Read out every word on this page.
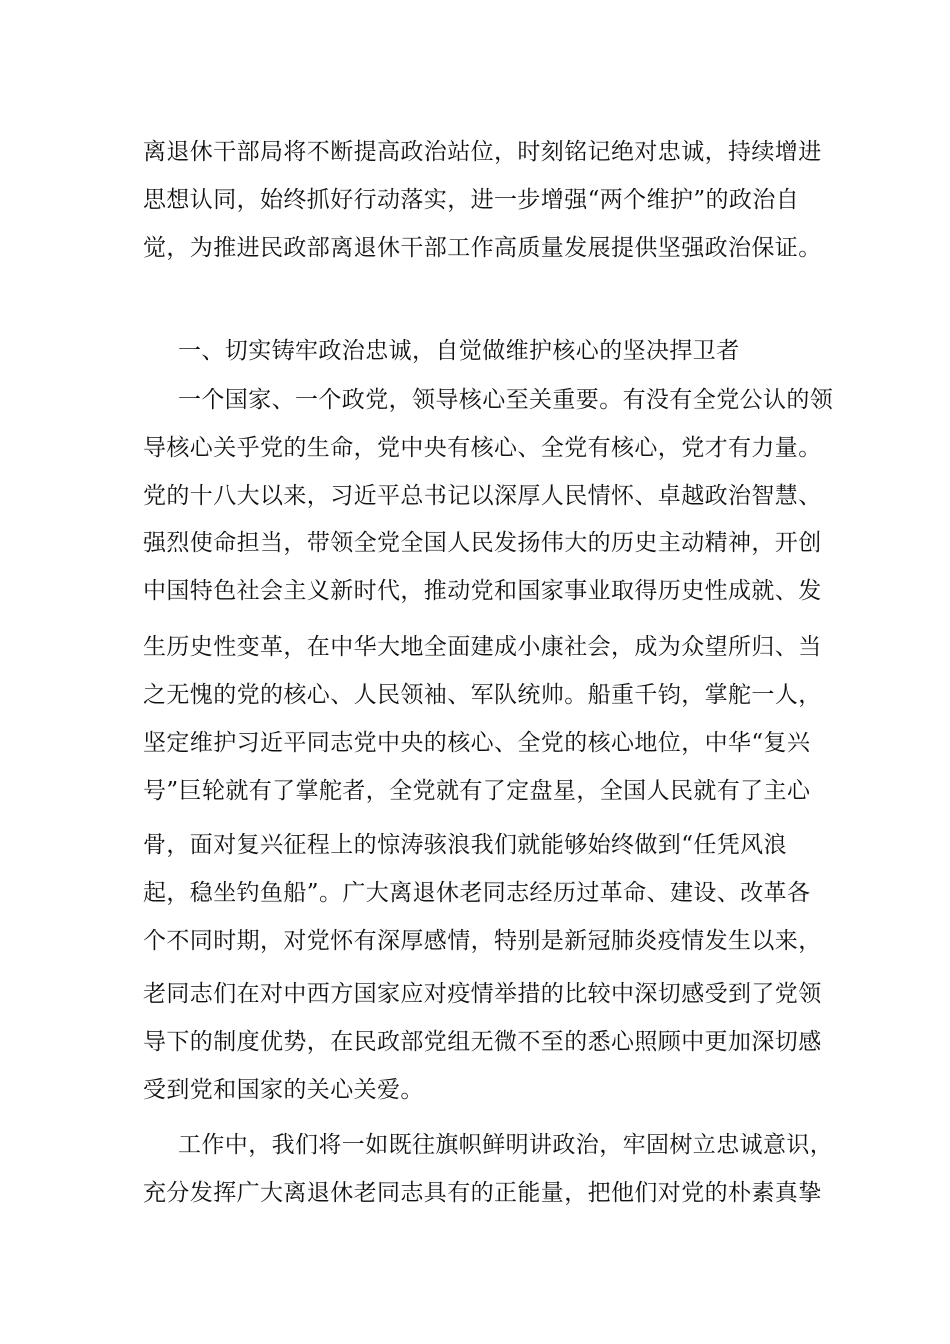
离退休干部局将不断提高政治站位，时刻铭记绝对忠诚，持续增进
思想认同，始终抓好行动落实，进一步增强“两个维护”的政治自
觉，为推进民政部离退休干部工作高质量发展提供坚强政治保证。
一、切实铸牢政治忠诚，自觉做维护核心的坚决捍卫者
一个国家、一个政党，领导核心至关重要。有没有全党公认的领
导核心关乎党的生命，党中央有核心、全党有核心，党才有力量。
党的十八大以来，习近平总书记以深厚人民情怀、卓越政治智慧、
强烈使命担当，带领全党全国人民发扬伟大的历史主动精神，开创
中国特色社会主义新时代，推动党和国家事业取得历史性成就、发
生历史性变革，在中华大地全面建成小康社会，成为众望所归、当
之无愧的党的核心、人民领袖、军队统帅。船重千钧，掌舵一人，
坚定维护习近平同志党中央的核心、全党的核心地位，中华“复兴
号”巨轮就有了掌舵者，全党就有了定盘星，全国人民就有了主心
骨，面对复兴征程上的惊涛骇浪我们就能够始终做到“任凭风浪
起，稳坐钓鱼船”。广大离退休老同志经历过革命、建设、改革各
个不同时期，对党怀有深厚感情，特别是新冠肺炎疫情发生以来，
老同志们在对中西方国家应对疫情举措的比较中深切感受到了党领
导下的制度优势，在民政部党组无微不至的悉心照顾中更加深切感
受到党和国家的关心关爱。
工作中，我们将一如既往旗帜鲜明讲政治，牢固树立忠诚意识，
充分发挥广大离退休老同志具有的正能量，把他们对党的朴素真挚
